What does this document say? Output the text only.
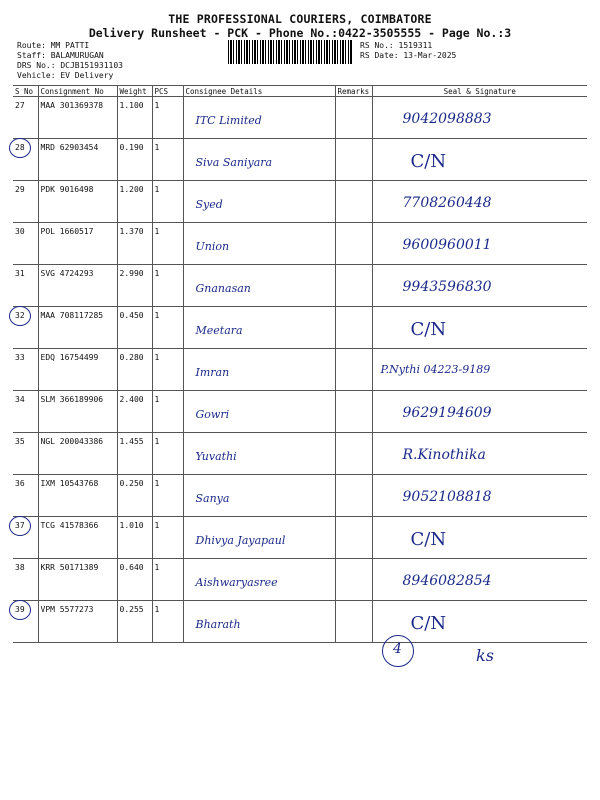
THE PROFESSIONAL COURIERS, COIMBATORE
Delivery Runsheet - PCK - Phone No.:0422-3505555 - Page No.:3
Route: MM PATTI
Staff: BALAMURUGAN
DRS No.: DCJB151931103
Vehicle: EV Delivery
RS No.: 1519311
RS Date: 13-Mar-2025
S No	Consignment No	Weight	PCS	Consignee Details	Remarks	Seal & Signature
27	MAA 301369378	1.100	1	ITC Limited		9042098883

28	MRD 62903454	0.190	1	Siva Saniyara		C/N

29	PDK 9016498	1.200	1	Syed		7708260448

30	POL 1660517	1.370	1	Union		9600960011

31	SVG 4724293	2.990	1	Gnanasan		9943596830

32	MAA 708117285	0.450	1	Meetara		C/N

33	EDQ 16754499	0.280	1	Imran		P.Nythi 04223-9189

34	SLM 366189906	2.400	1	Gowri		9629194609

35	NGL 200043386	1.455	1	Yuvathi		R.Kinothika

36	IXM 10543768	0.250	1	Sanya		9052108818

37	TCG 41578366	1.010	1	Dhivya Jayapaul		C/N

38	KRR 50171389	0.640	1	Aishwaryasree		8946082854

39	VPM 5577273	0.255	1	Bharath		C/N
4	ks
